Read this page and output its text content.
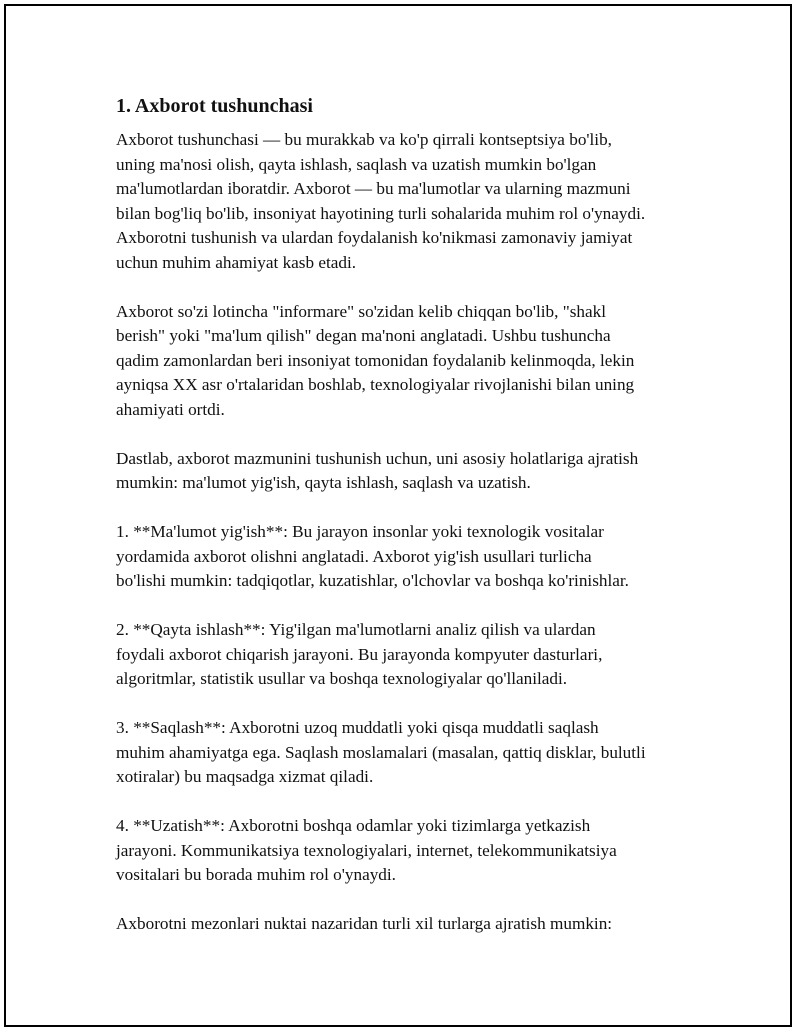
1. Axborot tushunchasi

Axborot tushunchasi — bu murakkab va ko'p qirrali kontseptsiya bo'lib,
uning ma'nosi olish, qayta ishlash, saqlash va uzatish mumkin bo'lgan
ma'lumotlardan iboratdir. Axborot — bu ma'lumotlar va ularning mazmuni
bilan bog'liq bo'lib, insoniyat hayotining turli sohalarida muhim rol o'ynaydi.
Axborotni tushunish va ulardan foydalanish ko'nikmasi zamonaviy jamiyat
uchun muhim ahamiyat kasb etadi.

Axborot so'zi lotincha "informare" so'zidan kelib chiqqan bo'lib, "shakl
berish" yoki "ma'lum qilish" degan ma'noni anglatadi. Ushbu tushuncha
qadim zamonlardan beri insoniyat tomonidan foydalanib kelinmoqda, lekin
ayniqsa XX asr o'rtalaridan boshlab, texnologiyalar rivojlanishi bilan uning
ahamiyati ortdi.

Dastlab, axborot mazmunini tushunish uchun, uni asosiy holatlariga ajratish
mumkin: ma'lumot yig'ish, qayta ishlash, saqlash va uzatish.

1. **Ma'lumot yig'ish**: Bu jarayon insonlar yoki texnologik vositalar
yordamida axborot olishni anglatadi. Axborot yig'ish usullari turlicha
bo'lishi mumkin: tadqiqotlar, kuzatishlar, o'lchovlar va boshqa ko'rinishlar.

2. **Qayta ishlash**: Yig'ilgan ma'lumotlarni analiz qilish va ulardan
foydali axborot chiqarish jarayoni. Bu jarayonda kompyuter dasturlari,
algoritmlar, statistik usullar va boshqa texnologiyalar qo'llaniladi.

3. **Saqlash**: Axborotni uzoq muddatli yoki qisqa muddatli saqlash
muhim ahamiyatga ega. Saqlash moslamalari (masalan, qattiq disklar, bulutli
xotiralar) bu maqsadga xizmat qiladi.

4. **Uzatish**: Axborotni boshqa odamlar yoki tizimlarga yetkazish
jarayoni. Kommunikatsiya texnologiyalari, internet, telekommunikatsiya
vositalari bu borada muhim rol o'ynaydi.

Axborotni mezonlari nuktai nazaridan turli xil turlarga ajratish mumkin:
